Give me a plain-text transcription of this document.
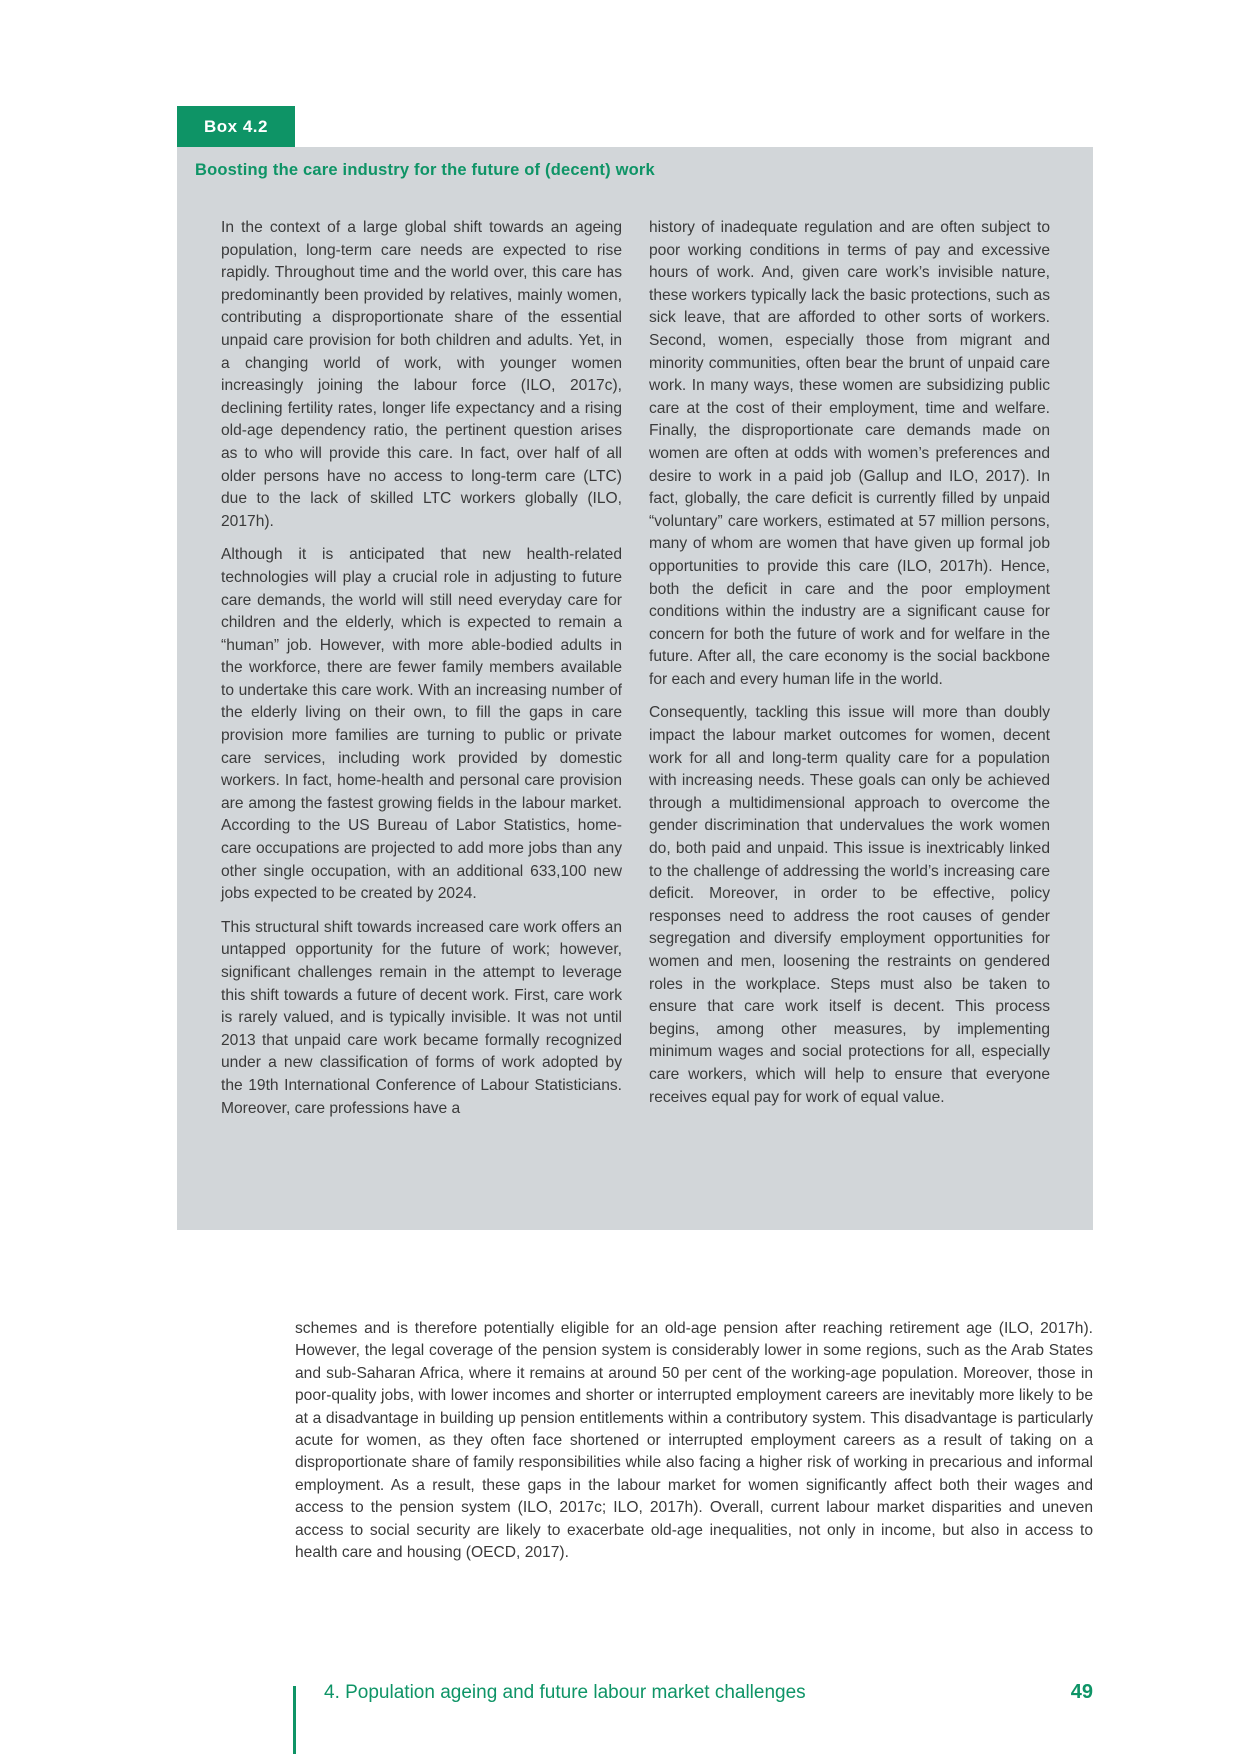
Box 4.2
Boosting the care industry for the future of (decent) work

In the context of a large global shift towards an ageing population, long-term care needs are expected to rise rapidly. Throughout time and the world over, this care has predominantly been provided by relatives, mainly women, contributing a disproportionate share of the essential unpaid care provision for both children and adults. Yet, in a changing world of work, with younger women increasingly joining the labour force (ILO, 2017c), declining fertility rates, longer life expectancy and a rising old-age dependency ratio, the pertinent question arises as to who will provide this care. In fact, over half of all older persons have no access to long-term care (LTC) due to the lack of skilled LTC workers globally (ILO, 2017h).

Although it is anticipated that new health-related technologies will play a crucial role in adjusting to future care demands, the world will still need everyday care for children and the elderly, which is expected to remain a “human” job. However, with more able-bodied adults in the workforce, there are fewer family members available to undertake this care work. With an increasing number of the elderly living on their own, to fill the gaps in care provision more families are turning to public or private care services, including work provided by domestic workers. In fact, home-health and personal care provision are among the fastest growing fields in the labour market. According to the US Bureau of Labor Statistics, home-care occupations are projected to add more jobs than any other single occupation, with an additional 633,100 new jobs expected to be created by 2024.

This structural shift towards increased care work offers an untapped opportunity for the future of work; however, significant challenges remain in the attempt to leverage this shift towards a future of decent work. First, care work is rarely valued, and is typically invisible. It was not until 2013 that unpaid care work became formally recognized under a new classification of forms of work adopted by the 19th International Conference of Labour Statisticians. Moreover, care professions have a

history of inadequate regulation and are often subject to poor working conditions in terms of pay and excessive hours of work. And, given care work’s invisible nature, these workers typically lack the basic protections, such as sick leave, that are afforded to other sorts of workers. Second, women, especially those from migrant and minority communities, often bear the brunt of unpaid care work. In many ways, these women are subsidizing public care at the cost of their employment, time and welfare. Finally, the disproportionate care demands made on women are often at odds with women’s preferences and desire to work in a paid job (Gallup and ILO, 2017). In fact, globally, the care deficit is currently filled by unpaid “voluntary” care workers, estimated at 57 million persons, many of whom are women that have given up formal job opportunities to provide this care (ILO, 2017h). Hence, both the deficit in care and the poor employment conditions within the industry are a significant cause for concern for both the future of work and for welfare in the future. After all, the care economy is the social backbone for each and every human life in the world.

Consequently, tackling this issue will more than doubly impact the labour market outcomes for women, decent work for all and long-term quality care for a population with increasing needs. These goals can only be achieved through a multidimensional approach to overcome the gender discrimination that undervalues the work women do, both paid and unpaid. This issue is inextricably linked to the challenge of addressing the world’s increasing care deficit. Moreover, in order to be effective, policy responses need to address the root causes of gender segregation and diversify employment opportunities for women and men, loosening the restraints on gendered roles in the workplace. Steps must also be taken to ensure that care work itself is decent. This process begins, among other measures, by implementing minimum wages and social protections for all, especially care workers, which will help to ensure that everyone receives equal pay for work of equal value.

schemes and is therefore potentially eligible for an old-age pension after reaching retirement age (ILO, 2017h). However, the legal coverage of the pension system is considerably lower in some regions, such as the Arab States and sub-Saharan Africa, where it remains at around 50 per cent of the working-age population. Moreover, those in poor-quality jobs, with lower incomes and shorter or interrupted employment careers are inevitably more likely to be at a disadvantage in building up pension entitlements within a contributory system. This disadvantage is particularly acute for women, as they often face shortened or interrupted employment careers as a result of taking on a disproportionate share of family responsibilities while also facing a higher risk of working in precarious and informal employment. As a result, these gaps in the labour market for women significantly affect both their wages and access to the pension system (ILO, 2017c; ILO, 2017h). Overall, current labour market disparities and uneven access to social security are likely to exacerbate old-age inequalities, not only in income, but also in access to health care and housing (OECD, 2017).

4. Population ageing and future labour market challenges	49
